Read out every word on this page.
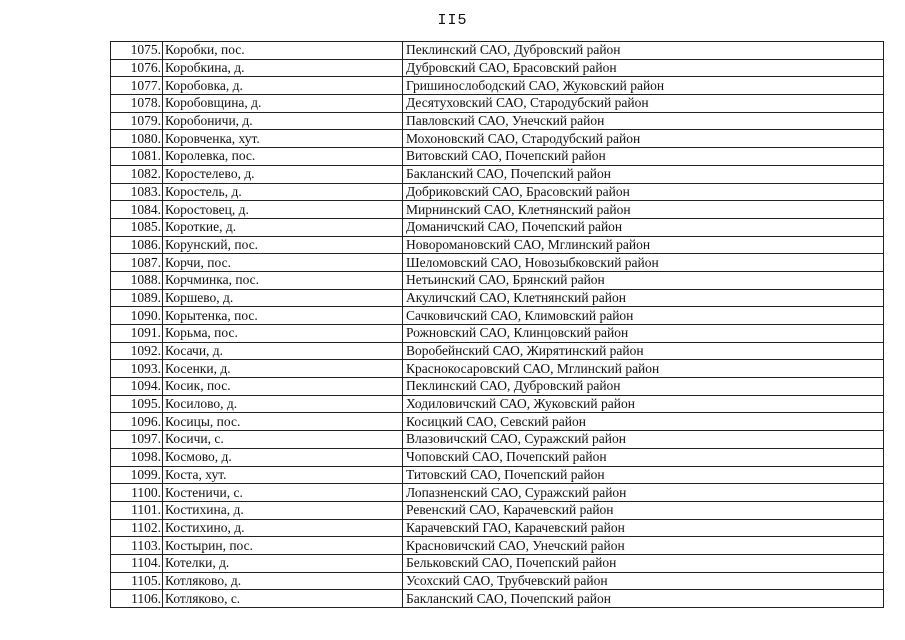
II5
1075.	Коробки, пос.	Пеклинский САО, Дубровский район
1076.	Коробкина, д.	Дубровский САО, Брасовский район
1077.	Коробовка, д.	Гришинослободский САО, Жуковский район
1078.	Коробовщина, д.	Десятуховский САО, Стародубский район
1079.	Коробоничи, д.	Павловский САО, Унечский район
1080.	Коровченка, хут.	Мохоновский САО, Стародубский район
1081.	Королевка, пос.	Витовский САО, Почепский район
1082.	Коростелево, д.	Бакланский САО, Почепский район
1083.	Коростель, д.	Добриковский САО, Брасовский район
1084.	Коростовец, д.	Мирнинский САО, Клетнянский район
1085.	Короткие, д.	Доманичский САО, Почепский район
1086.	Корунский, пос.	Новоромановский САО, Мглинский район
1087.	Корчи, пос.	Шеломовский САО, Новозыбковский район
1088.	Корчминка, пос.	Нетьинский САО, Брянский район
1089.	Коршево, д.	Акуличский САО, Клетнянский район
1090.	Корытенка, пос.	Сачковичский САО, Климовский район
1091.	Корьма, пос.	Рожновский САО, Клинцовский район
1092.	Косачи, д.	Воробейнский САО, Жирятинский район
1093.	Косенки, д.	Краснокосаровский САО, Мглинский район
1094.	Косик, пос.	Пеклинский САО, Дубровский район
1095.	Косилово, д.	Ходиловичский САО, Жуковский район
1096.	Косицы, пос.	Косицкий САО, Севский район
1097.	Косичи, с.	Влазовичский САО, Суражский район
1098.	Космово, д.	Чоповский САО, Почепский район
1099.	Коста, хут.	Титовский САО, Почепский район
1100.	Костеничи, с.	Лопазненский САО, Суражский район
1101.	Костихина, д.	Ревенский САО, Карачевский район
1102.	Костихино, д.	Карачевский ГАО, Карачевский район
1103.	Костырин, пос.	Красновичский САО, Унечский район
1104.	Котелки, д.	Бельковский САО, Почепский район
1105.	Котляково, д.	Усохский САО, Трубчевский район
1106.	Котляково, с.	Бакланский САО, Почепский район
